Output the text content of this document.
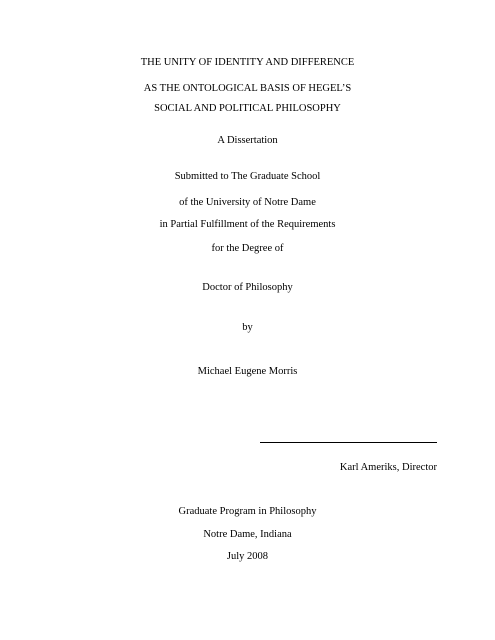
THE UNITY OF IDENTITY AND DIFFERENCE
AS THE ONTOLOGICAL BASIS OF HEGEL’S
SOCIAL AND POLITICAL PHILOSOPHY
A Dissertation
Submitted to The Graduate School
of the University of Notre Dame
in Partial Fulfillment of the Requirements
for the Degree of
Doctor of Philosophy
by
Michael Eugene Morris
Karl Ameriks, Director
Graduate Program in Philosophy
Notre Dame, Indiana
July 2008
